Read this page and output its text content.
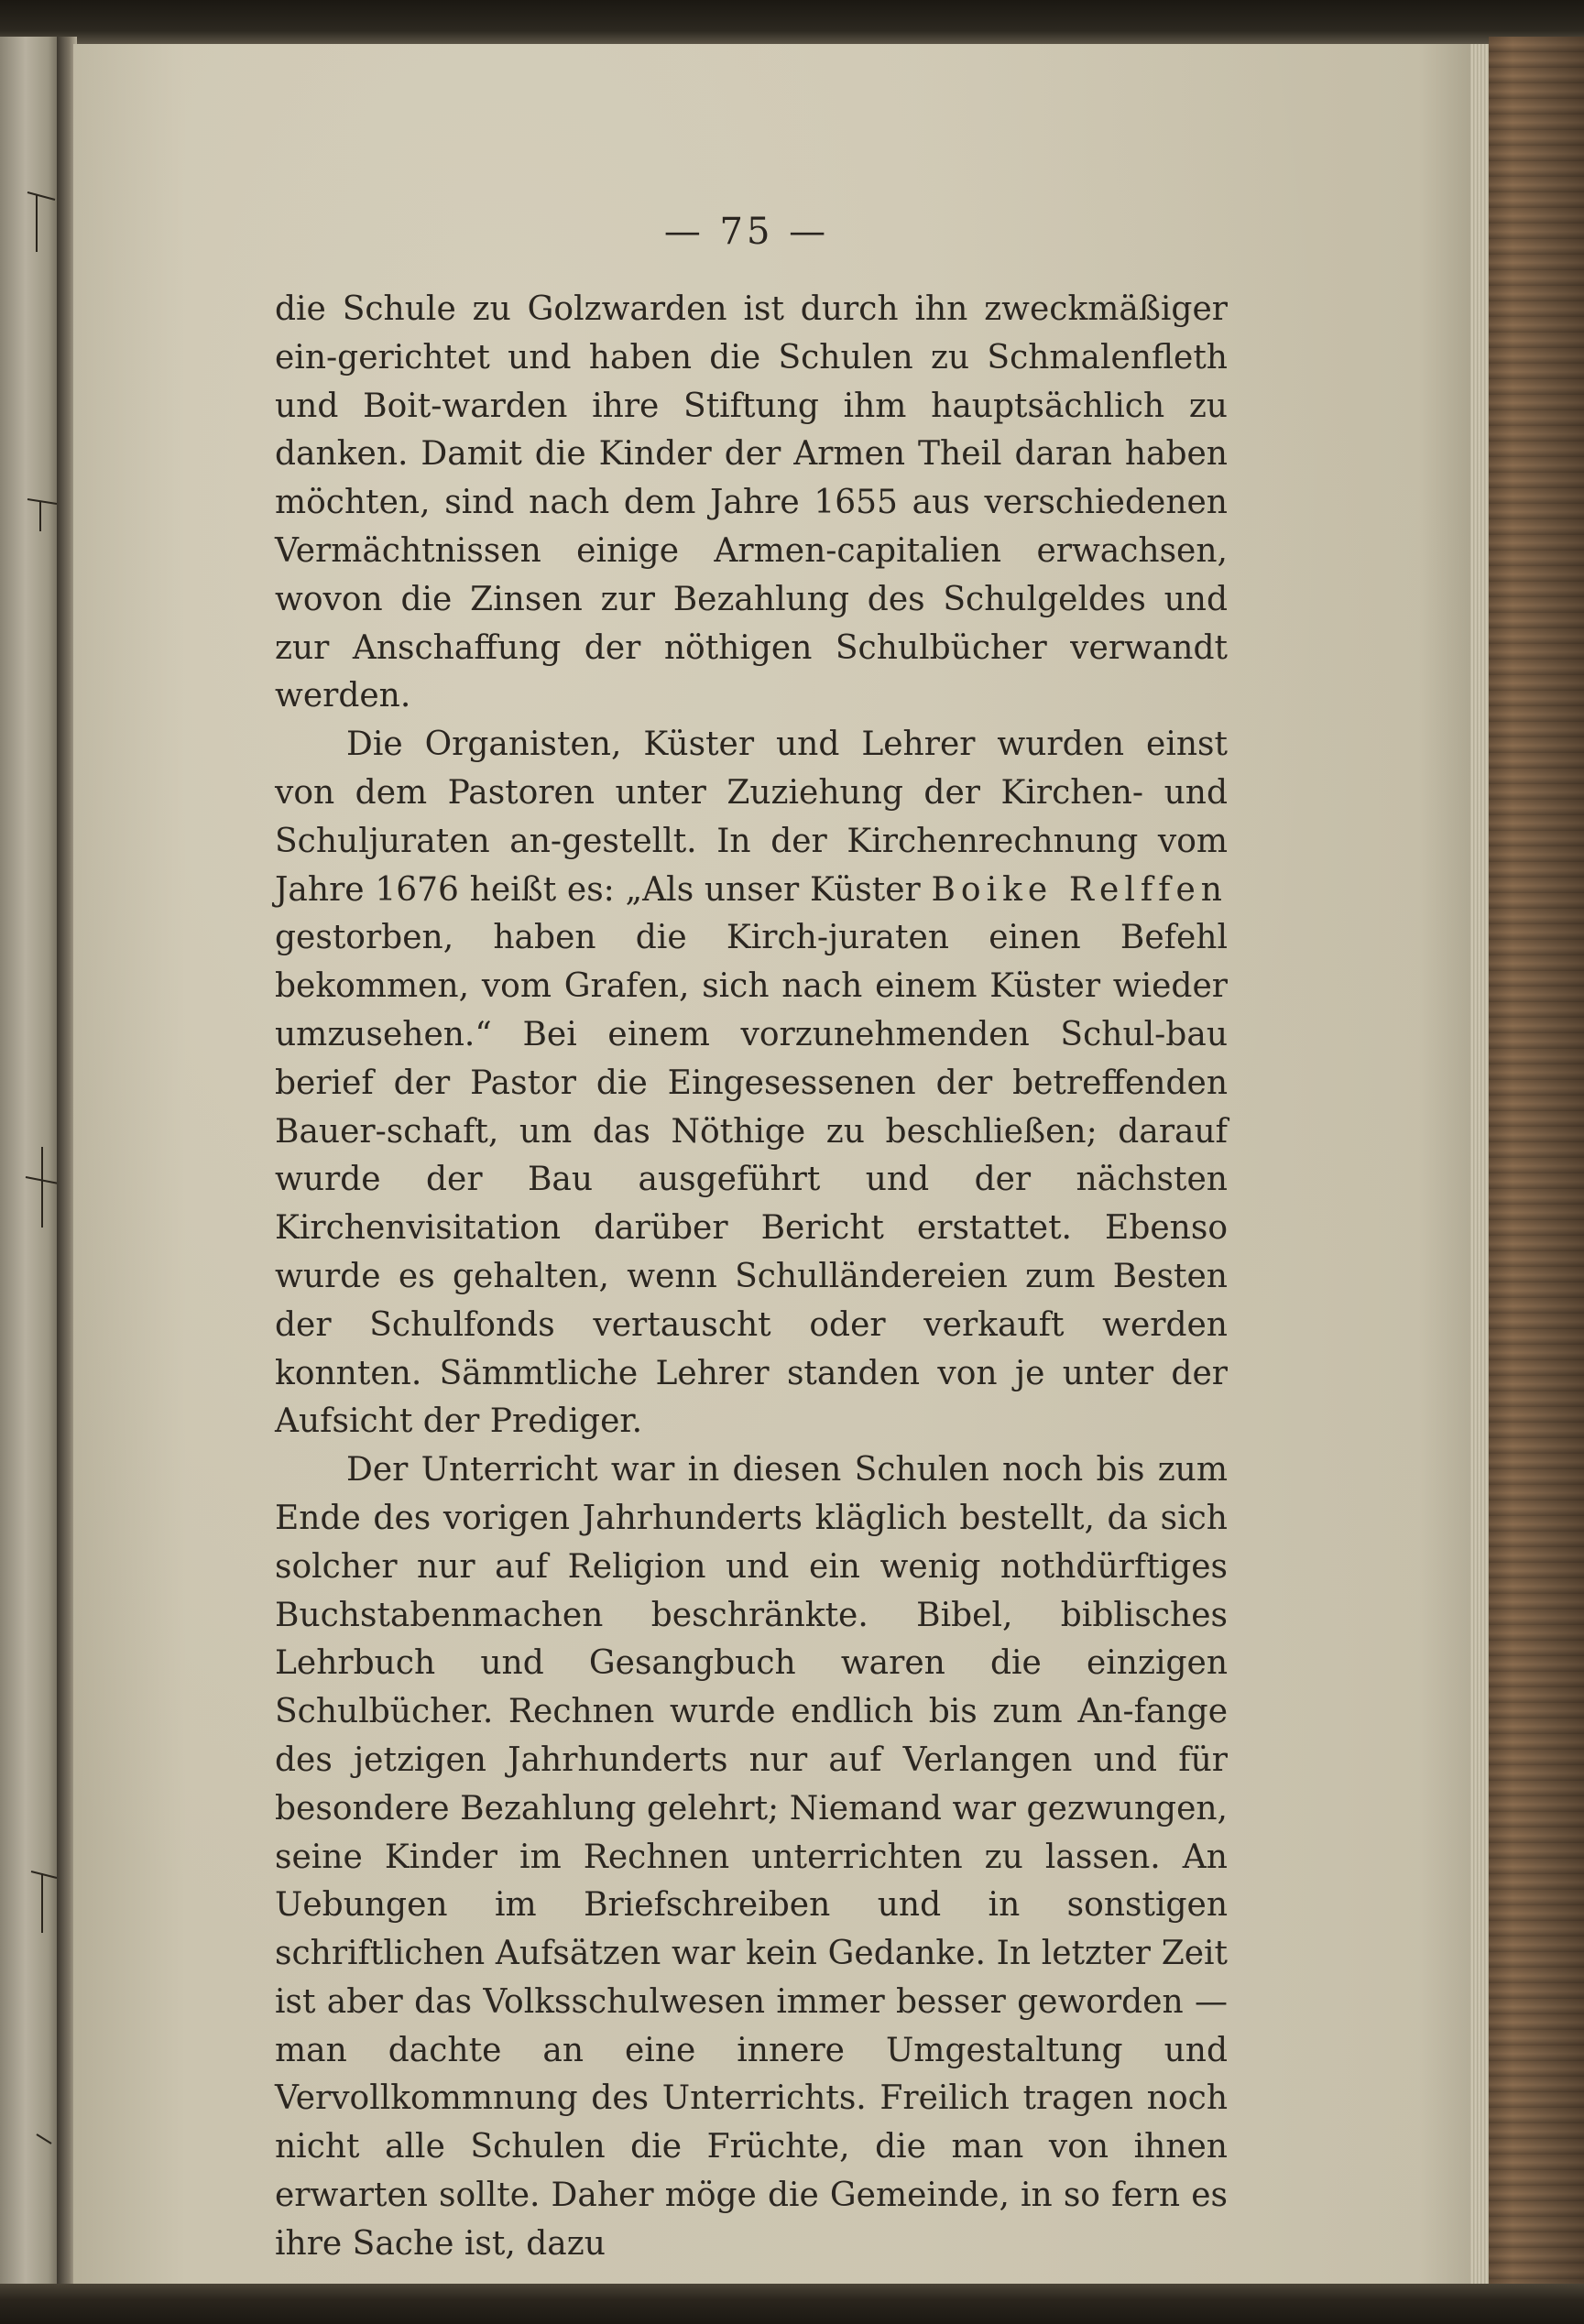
— 75 —

die Schule zu Golzwarden ist durch ihn zweckmäßiger ein-gerichtet und haben die Schulen zu Schmalenfleth und Boit-warden ihre Stiftung ihm hauptsächlich zu danken. Damit die Kinder der Armen Theil daran haben möchten, sind nach dem Jahre 1655 aus verschiedenen Vermächtnissen einige Armen-capitalien erwachsen, wovon die Zinsen zur Bezahlung des Schulgeldes und zur Anschaffung der nöthigen Schulbücher verwandt werden.

Die Organisten, Küster und Lehrer wurden einst von dem Pastoren unter Zuziehung der Kirchen- und Schuljuraten an-gestellt. In der Kirchenrechnung vom Jahre 1676 heißt es: „Als unser Küster Boike Relffen gestorben, haben die Kirch-juraten einen Befehl bekommen, vom Grafen, sich nach einem Küster wieder umzusehen.“ Bei einem vorzunehmenden Schul-bau berief der Pastor die Eingesessenen der betreffenden Bauer-schaft, um das Nöthige zu beschließen; darauf wurde der Bau ausgeführt und der nächsten Kirchenvisitation darüber Bericht erstattet. Ebenso wurde es gehalten, wenn Schulländereien zum Besten der Schulfonds vertauscht oder verkauft werden konnten. Sämmtliche Lehrer standen von je unter der Aufsicht der Prediger.

Der Unterricht war in diesen Schulen noch bis zum Ende des vorigen Jahrhunderts kläglich bestellt, da sich solcher nur auf Religion und ein wenig nothdürftiges Buchstabenmachen beschränkte. Bibel, biblisches Lehrbuch und Gesangbuch waren die einzigen Schulbücher. Rechnen wurde endlich bis zum An-fange des jetzigen Jahrhunderts nur auf Verlangen und für besondere Bezahlung gelehrt; Niemand war gezwungen, seine Kinder im Rechnen unterrichten zu lassen. An Uebungen im Briefschreiben und in sonstigen schriftlichen Aufsätzen war kein Gedanke. In letzter Zeit ist aber das Volksschulwesen immer besser geworden — man dachte an eine innere Umgestaltung und Vervollkommnung des Unterrichts. Freilich tragen noch nicht alle Schulen die Früchte, die man von ihnen erwarten sollte. Daher möge die Gemeinde, in so fern es ihre Sache ist, dazu
